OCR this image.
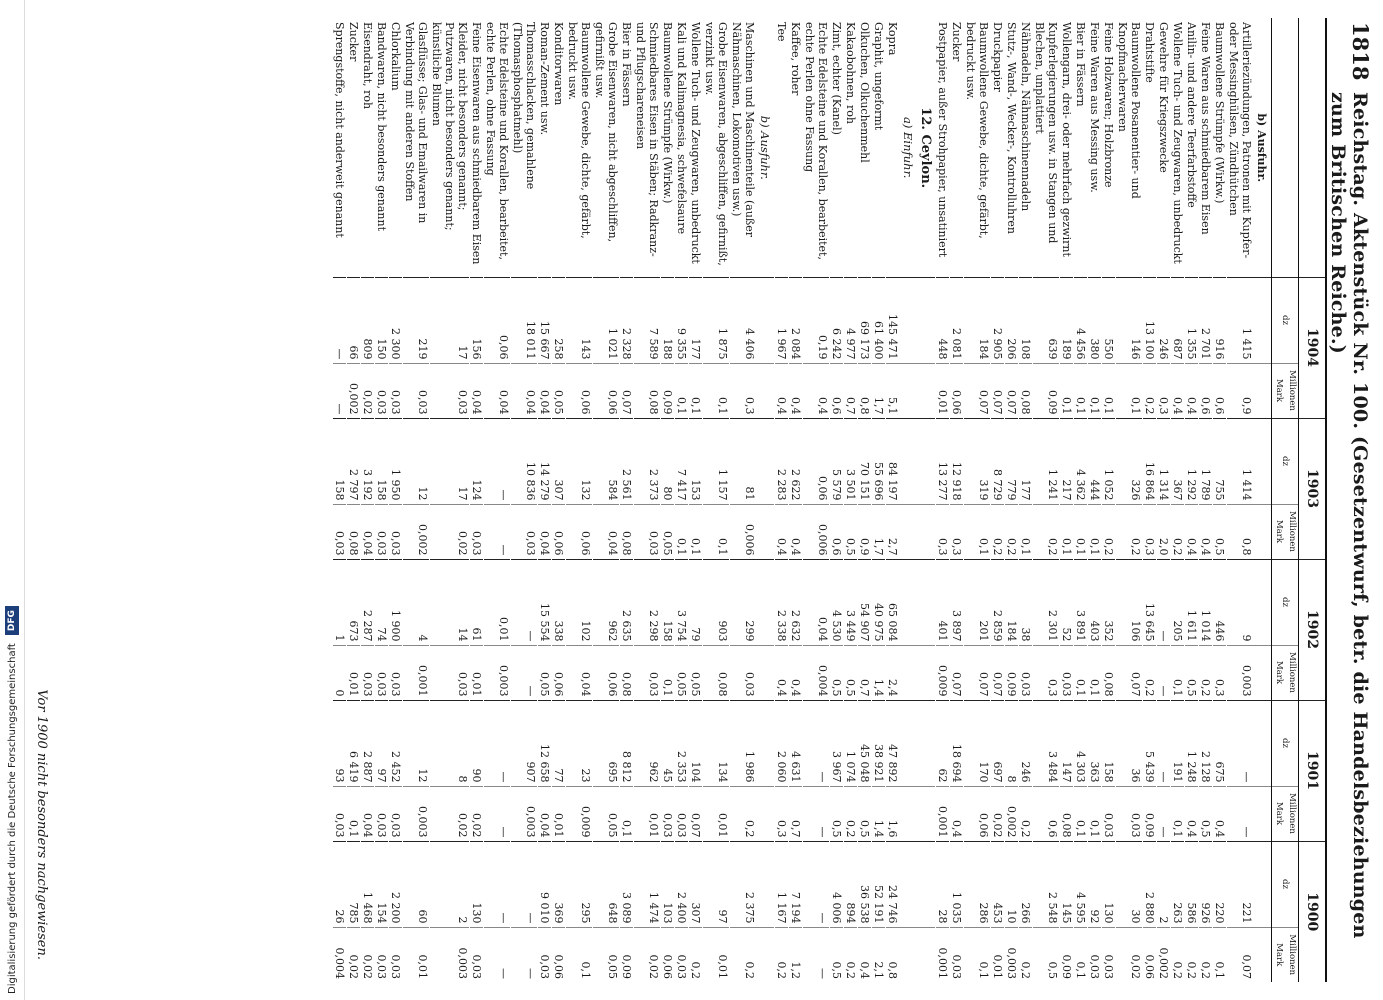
Digitalisierung gefördert durch die Deutsche ForschungsgemeinschaftDFG
1818
Reichstag. Aktenstück Nr. 100. (Gesetzentwurf, betr. die Handelsbeziehungen zum Britischen Reiche.)
	1904		1903		1902		1901		1900	
	dz	Millionen Mark	dz	Millionen Mark	dz	Millionen Mark	dz	Millionen Mark	dz	Millionen Mark
b) Ausfuhr.										
Artilleriezündungen, Patronen mit Kupfer- oder Messinghülsen, Zündhütchen	1 415	0,9	1 414	0,8	9	0,003	—	—	221	0,07
Baumwollene Strümpfe (Wirkw.)	916	0,6	755	0,5	446	0,3	675	0,4	220	0,1
Feine Waren aus schmiedbarem Eisen	2 701	0,6	1 789	0,4	1 014	0,2	2 128	0,5	926	0,2
Anilin- und andere Teerfarbstoffe	1 355	0,4	1 292	0,4	1 611	0,5	1 248	0,4	586	0,2
Wollene Tuch- und Zeugwaren, unbedruckt	687	0,4	367	0,2	205	0,1	191	0,1	263	0,2
Gewehre für Kriegszwecke	246	0,3	1 314	2,0	—	—	—	—	2	0,002
Drahtstifte	13 100	0,2	16 864	0,3	13 645	0,2	5 439	0,09	2 880	0,06
Baumwollene Posamentier- und Knopfmacherwaren	146	0,1	326	0,2	106	0,07	36	0,03	30	0,02
Feine Holzwaren; Holzbronze	550	0,1	1 052	0,2	352	0,08	158	0,03	130	0,03
Feine Waren aus Messing usw.	380	0,1	444	0,1	403	0,1	363	0,1	92	0,03
Bier in Fässern	4 456	0,1	4 362	0,1	3 891	0,1	4 303	0,1	4 595	0,1
Wollengarn, drei- oder mehrfach gezwirnt	189	0,1	217	0,1	52	0,03	147	0,08	145	0,09
Kupferlegierungen usw. in Stangen und Blechen, unplattiert	639	0,09	1 241	0,2	2 301	0,3	3 484	0,6	2 548	0,5
Nähnadeln, Nähmaschinennadeln	108	0,08	177	0,1	38	0,03	246	0,2	266	0,2
Stutz-, Wand-, Wecker-, Kontrolluhren	206	0,07	779	0,2	184	0,09	8	0,002	10	0,003
Druckpapier	2 905	0,07	8 729	0,2	2 859	0,07	697	0,02	453	0,01
Baumwollene Gewebe, dichte, gefärbt, bedruckt usw.	184	0,07	319	0,1	201	0,07	170	0,06	286	0,1
Zucker	2 081	0,06	12 918	0,3	3 897	0,07	18 694	0,4	1 035	0,03
Postpapier, außer Strohpapier, unsatiniert	448	0,01	13 277	0,3	401	0,009	62	0,001	28	0,001
12. Ceylon.										
a) Einfuhr.										
Kopra	145 471	5,1	84 197	2,7	65 084	2,4	47 892	1,6	24 746	0,8
Graphit, ungeformt	61 400	1,7	55 696	1,7	40 975	1,4	38 921	1,4	52 191	2,1
Olkuchen, Olkuchenmehl	69 173	0,8	70 151	0,9	54 907	0,7	45 048	0,5	36 538	0,4
Kakaobohnen, roh	4 977	0,7	3 501	0,5	3 449	0,5	1 074	0,2	894	0,2
Zimt, echter (Kanel)	6 242	0,6	5 579	0,6	4 530	0,5	3 967	0,5	4 006	0,5
Echte Edelsteine und Korallen, bearbeitet, echte Perlen ohne Fassung	0,19	0,4	0,06	0,006	0,04	0,004	—	—	—	—
Kaffee, roher	2 084	0,4	2 622	0,4	2 632	0,4	4 631	0,7	7 194	1,2
Tee	1 967	0,4	2 283	0,4	2 338	0,4	2 060	0,3	1 167	0,2
b) Ausfuhr.										
Maschinen und Maschinenteile (außer Nähmaschinen, Lokomotiven usw.)	4 406	0,3	81	0,006	299	0,03	1 986	0,2	2 375	0,2
Grobe Eisenwaren, abgeschliffen, gefirnißt, verzinkt usw.	1 875	0,1	1 157	0,1	903	0,08	134	0,01	97	0,01
Wollene Tuch- und Zeugwaren, unbedruckt	177	0,1	153	0,1	79	0,05	104	0,07	307	0,2
Kali und Kalimagnesia, schwefelsaure	9 355	0,1	7 417	0,1	3 754	0,05	2 353	0,03	2 400	0,03
Baumwollene Strümpfe (Wirkw.)	188	0,09	80	0,05	158	0,1	45	0,03	103	0,06
Schmiedbares Eisen in Stäben; Radkranz- und Pflugschareneisen	7 589	0,08	2 373	0,03	2 298	0,03	962	0,01	1 474	0,02
Bier in Fässern	2 328	0,07	2 561	0,08	2 635	0,08	8 812	0,1	3 089	0,09
Grobe Eisenwaren, nicht abgeschliffen, gefirnißt usw.	1 021	0,06	584	0,04	962	0,06	695	0,05	648	0,05
Baumwollene Gewebe, dichte, gefärbt, bedruckt usw.	143	0,06	132	0,06	102	0,04	23	0,009	295	0,1
Konditorwaren	258	0,05	307	0,06	338	0,06	77	0,01	369	0,06
Roman-Zement usw.	15 667	0,04	14 279	0,04	15 554	0,05	12 658	0,04	9 010	0,03
Thomasschlacken, gemahlene (Thomasphosphatmehl)	18 011	0,04	10 836	0,03	—	—	907	0,003	—	—
Echte Edelsteine und Korallen, bearbeitet, echte Perlen, ohne Fassung	0,06	0,04	—	—	0,01	0,003	—	—	—	—
Feine Eisenwaren aus schmiedbarem Eisen	156	0,04	124	0,03	61	0,01	90	0,02	130	0,03
Kleider, nicht besonders genannt; Putzwaren, nicht besonders genannt; künstliche Blumen	17	0,03	17	0,02	14	0,03	8	0,02	2	0,003
Glasflüsse; Glas- und Emailwaren in Verbindung mit anderen Stoffen	219	0,03	12	0,002	4	0,001	12	0,003	60	0,01
Chlorkalium	2 300	0,03	1 950	0,03	1 900	0,03	2 452	0,03	2 200	0,03
Bandwaren, nicht besonders genannt	150	0,03	158	0,03	74	0,03	97	0,03	154	0,03
Eisendraht, roh	809	0,02	3 192	0,04	2 287	0,03	2 887	0,04	1 468	0,02
Zucker	66	0,002	2 797	0,08	673	0,01	6 419	0,1	785	0,02
Sprengstoffe, nicht anderweit genannt	—	—	158	0,03	1	0	93	0,03	26	0,004
Vor 1900 nicht besonders nachgewiesen.
